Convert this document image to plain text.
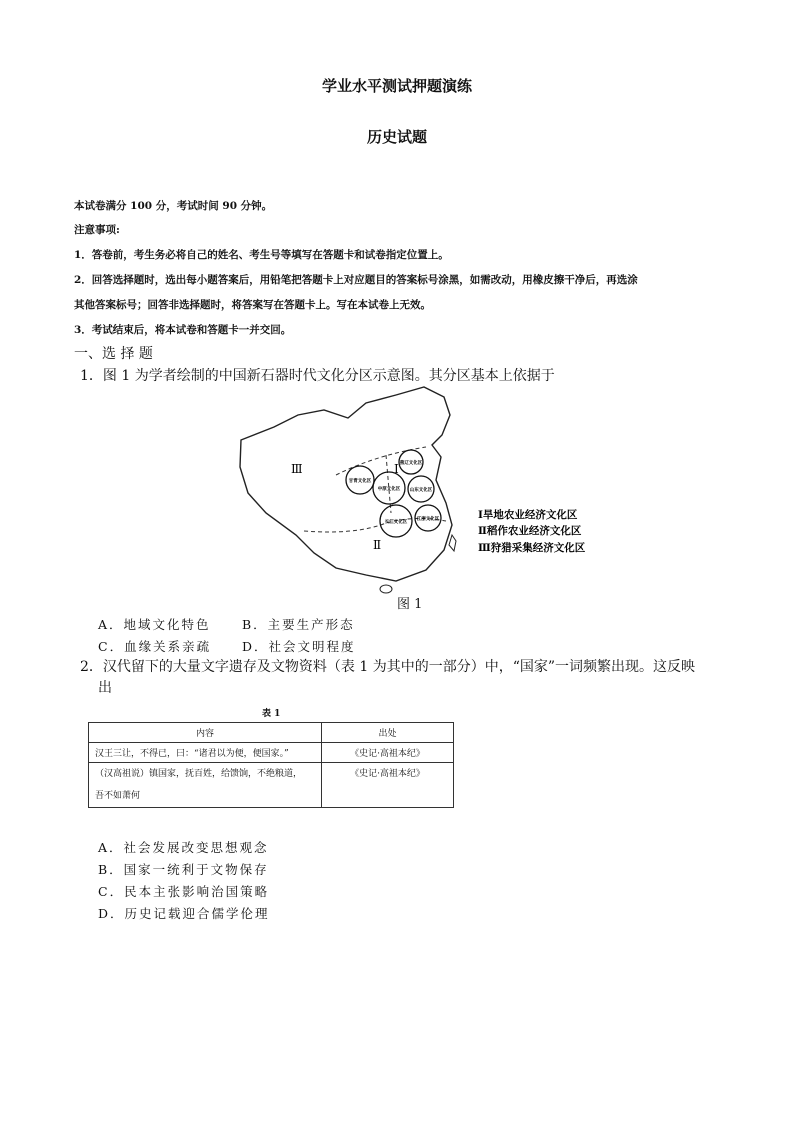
学业水平测试押题演练
历史试题
本试卷满分 100 分，考试时间 90 分钟。
注意事项:
1．答卷前，考生务必将自己的姓名、考生号等填写在答题卡和试卷指定位置上。
2．回答选择题时，选出每小题答案后，用铅笔把答题卡上对应题目的答案标号涂黑，如需改动，用橡皮擦干净后，再选涂
其他答案标号；回答非选择题时，将答案写在答题卡上。写在本试卷上无效。
3．考试结束后，将本试卷和答题卡一并交回。
一、选 择 题
1．图 1 为学者绘制的中国新石器时代文化分区示意图。其分区基本上依据于
燕辽文化区
甘青文化区
中原文化区 山东文化区
长江文化区
江浙文化区
Ⅰ
Ⅱ
Ⅲ
Ⅰ旱地农业经济文化区
Ⅱ稻作农业经济文化区
Ⅲ狩猎采集经济文化区
图 1
A．地域文化特色	B．主要生产形态
C．血缘关系亲疏 D．社会文明程度
2．汉代留下的大量文字遗存及文物资料（表 1 为其中的一部分）中，“国家”一词频繁出现。这反映
出
表 1
内容	出处
汉王三让，不得已，曰：“诸君以为便，便国家。”	《史记·高祖本纪》

（汉高祖说）镇国家，抚百姓，给馈饷，不绝粮道，
吾不如萧何	《史记·高祖本纪》
A．社会发展改变思想观念
B．国家一统利于文物保存
C．民本主张影响治国策略
D．历史记载迎合儒学伦理
